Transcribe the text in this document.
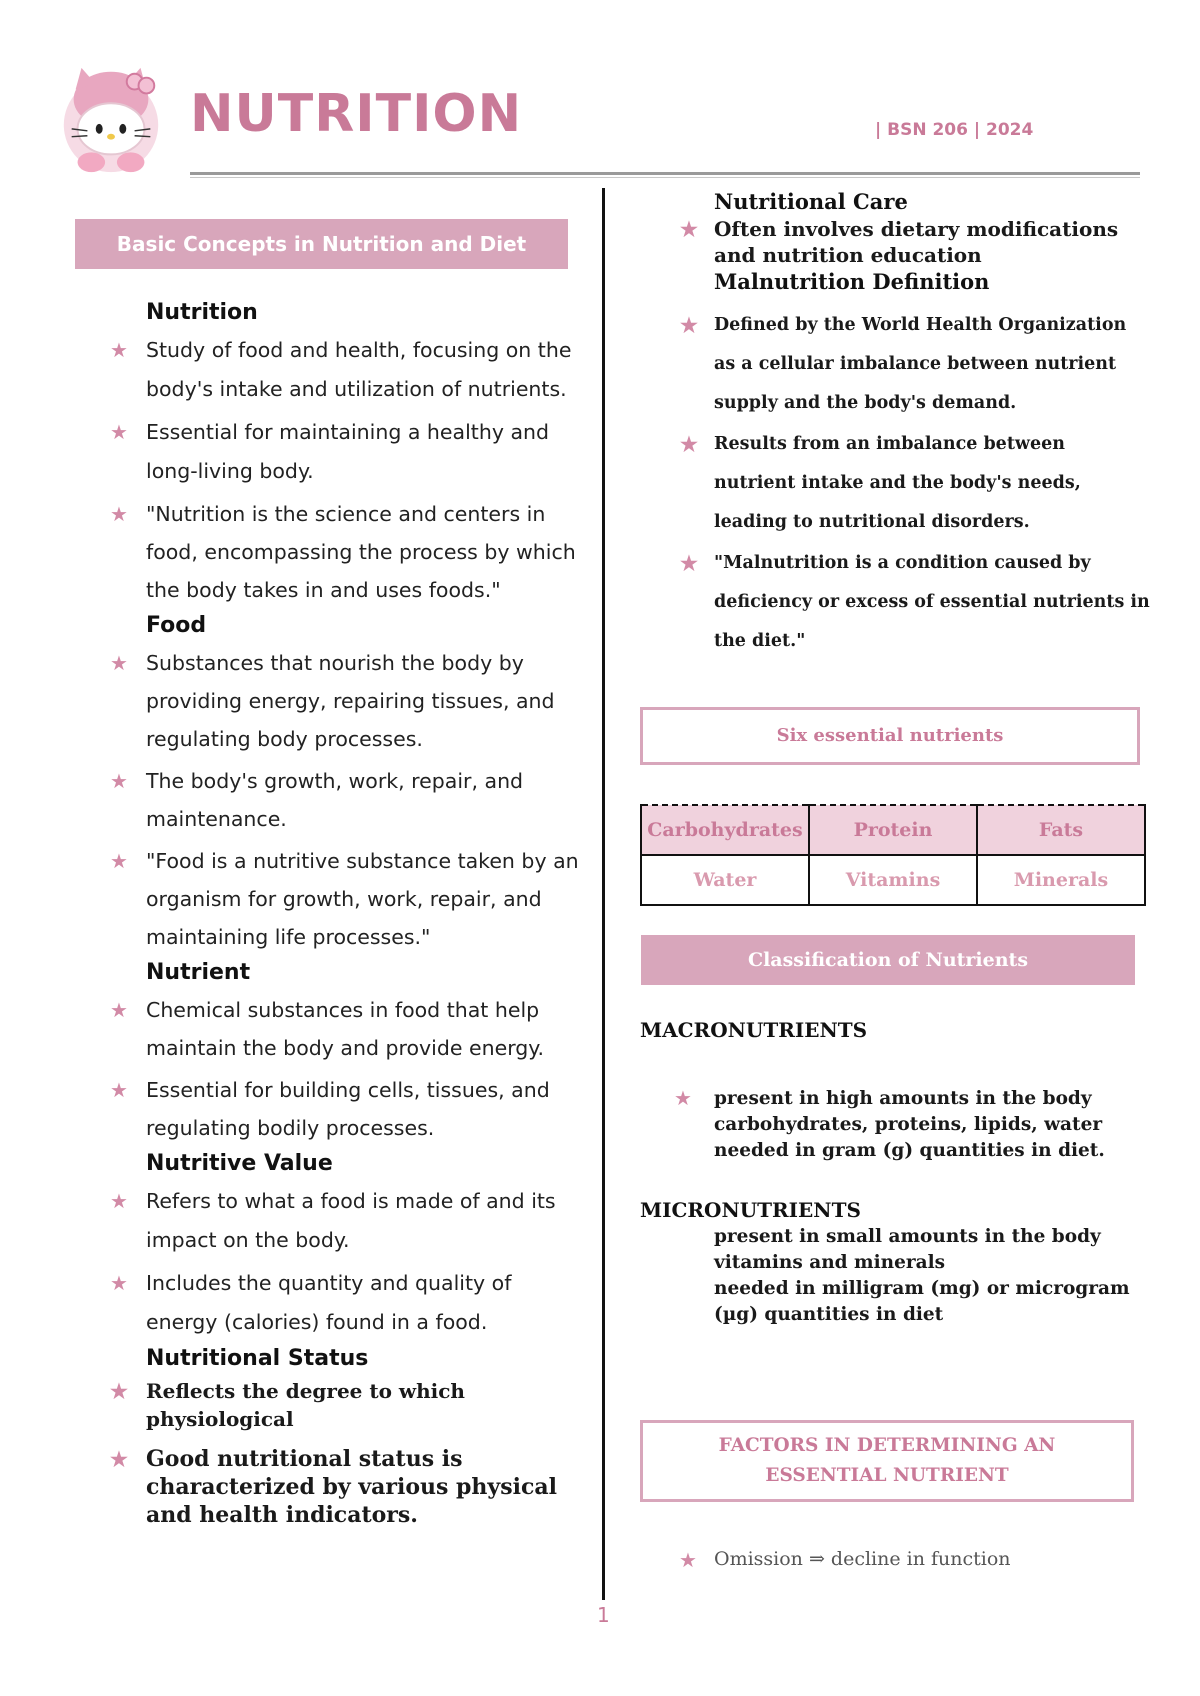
NUTRITION	| BSN 206 | 2024
Basic Concepts in Nutrition and Diet Therapy
Nutrition
★ Study of food and health, focusing on the body's intake and utilization of nutrients.
★ Essential for maintaining a healthy and long-living body.
★ "Nutrition is the science and centers in food, encompassing the process by which the body takes in and uses foods."
Food
★ Substances that nourish the body by providing energy, repairing tissues, and regulating body processes.
★ The body's growth, work, repair, and maintenance.
★ "Food is a nutritive substance taken by an organism for growth, work, repair, and maintaining life processes."
Nutrient
★ Chemical substances in food that help maintain the body and provide energy.
★ Essential for building cells, tissues, and regulating bodily processes.
Nutritive Value
★ Refers to what a food is made of and its impact on the body.
★ Includes the quantity and quality of energy (calories) found in a food.
Nutritional Status
★ Reflects the degree to which physiological
★ Good nutritional status is characterized by various physical and health indicators.
Nutritional Care
★ Often involves dietary modifications and nutrition education
Malnutrition Definition
★ Defined by the World Health Organization as a cellular imbalance between nutrient supply and the body's demand.
★ Results from an imbalance between nutrient intake and the body's needs, leading to nutritional disorders.
★ "Malnutrition is a condition caused by deficiency or excess of essential nutrients in the diet."
Six essential nutrients
Carbohydrates	Protein	Fats
Water	Vitamins	Minerals
Classification of Nutrients
MACRONUTRIENTS
★ present in high amounts in the body
carbohydrates, proteins, lipids, water
needed in gram (g) quantities in diet.
MICRONUTRIENTS
present in small amounts in the body
vitamins and minerals
needed in milligram (mg) or microgram
(µg) quantities in diet
FACTORS IN DETERMINING AN
ESSENTIAL NUTRIENT
★ Omission ⇒ decline in function
1
